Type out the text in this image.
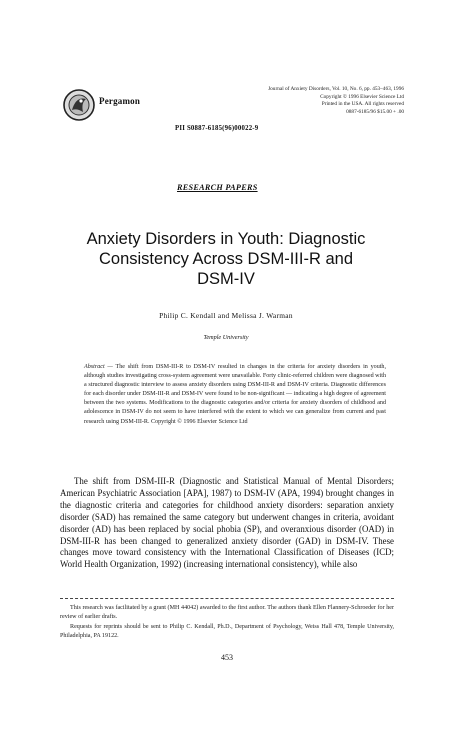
Pergamon
Journal of Anxiety Disorders, Vol. 10, No. 6, pp. 453–463, 1996
Copyright © 1996 Elsevier Science Ltd
Printed in the USA. All rights reserved
0887-6185/96 $15.00 + .00
PII S0887-6185(96)00022-9
RESEARCH PAPERS
Anxiety Disorders in Youth: Diagnostic
Consistency Across DSM-III-R and
DSM-IV
Philip C. Kendall and Melissa J. Warman
Temple University
Abstract — The shift from DSM-III-R to DSM-IV resulted in changes in the criteria for anxiety disorders in youth, although studies investigating cross-system agreement were unavailable. Forty clinic-referred children were diagnosed with a structured diagnostic interview to assess anxiety disorders using DSM-III-R and DSM-IV criteria. Diagnostic differences for each disorder under DSM-III-R and DSM-IV were found to be non-significant — indicating a high degree of agreement between the two systems. Modifications to the diagnostic categories and/or criteria for anxiety disorders of childhood and adolescence in DSM-IV do not seem to have interfered with the extent to which we can generalize from current and past research using DSM-III-R. Copyright © 1996 Elsevier Science Ltd
The shift from DSM-III-R (Diagnostic and Statistical Manual of Mental Disorders; American Psychiatric Association [APA], 1987) to DSM-IV (APA, 1994) brought changes in the diagnostic criteria and categories for childhood anxiety disorders: separation anxiety disorder (SAD) has remained the same category but underwent changes in criteria, avoidant disorder (AD) has been replaced by social phobia (SP), and overanxious disorder (OAD) in DSM-III-R has been changed to generalized anxiety disorder (GAD) in DSM-IV. These changes move toward consistency with the International Classification of Diseases (ICD; World Health Organization, 1992) (increasing international consistency), while also

This research was facilitated by a grant (MH 44042) awarded to the first author. The authors thank Ellen Flannery-Schroeder for her review of earlier drafts.

Requests for reprints should be sent to Philip C. Kendall, Ph.D., Department of Psychology, Weiss Hall 478, Temple University, Philadelphia, PA 19122.

453
